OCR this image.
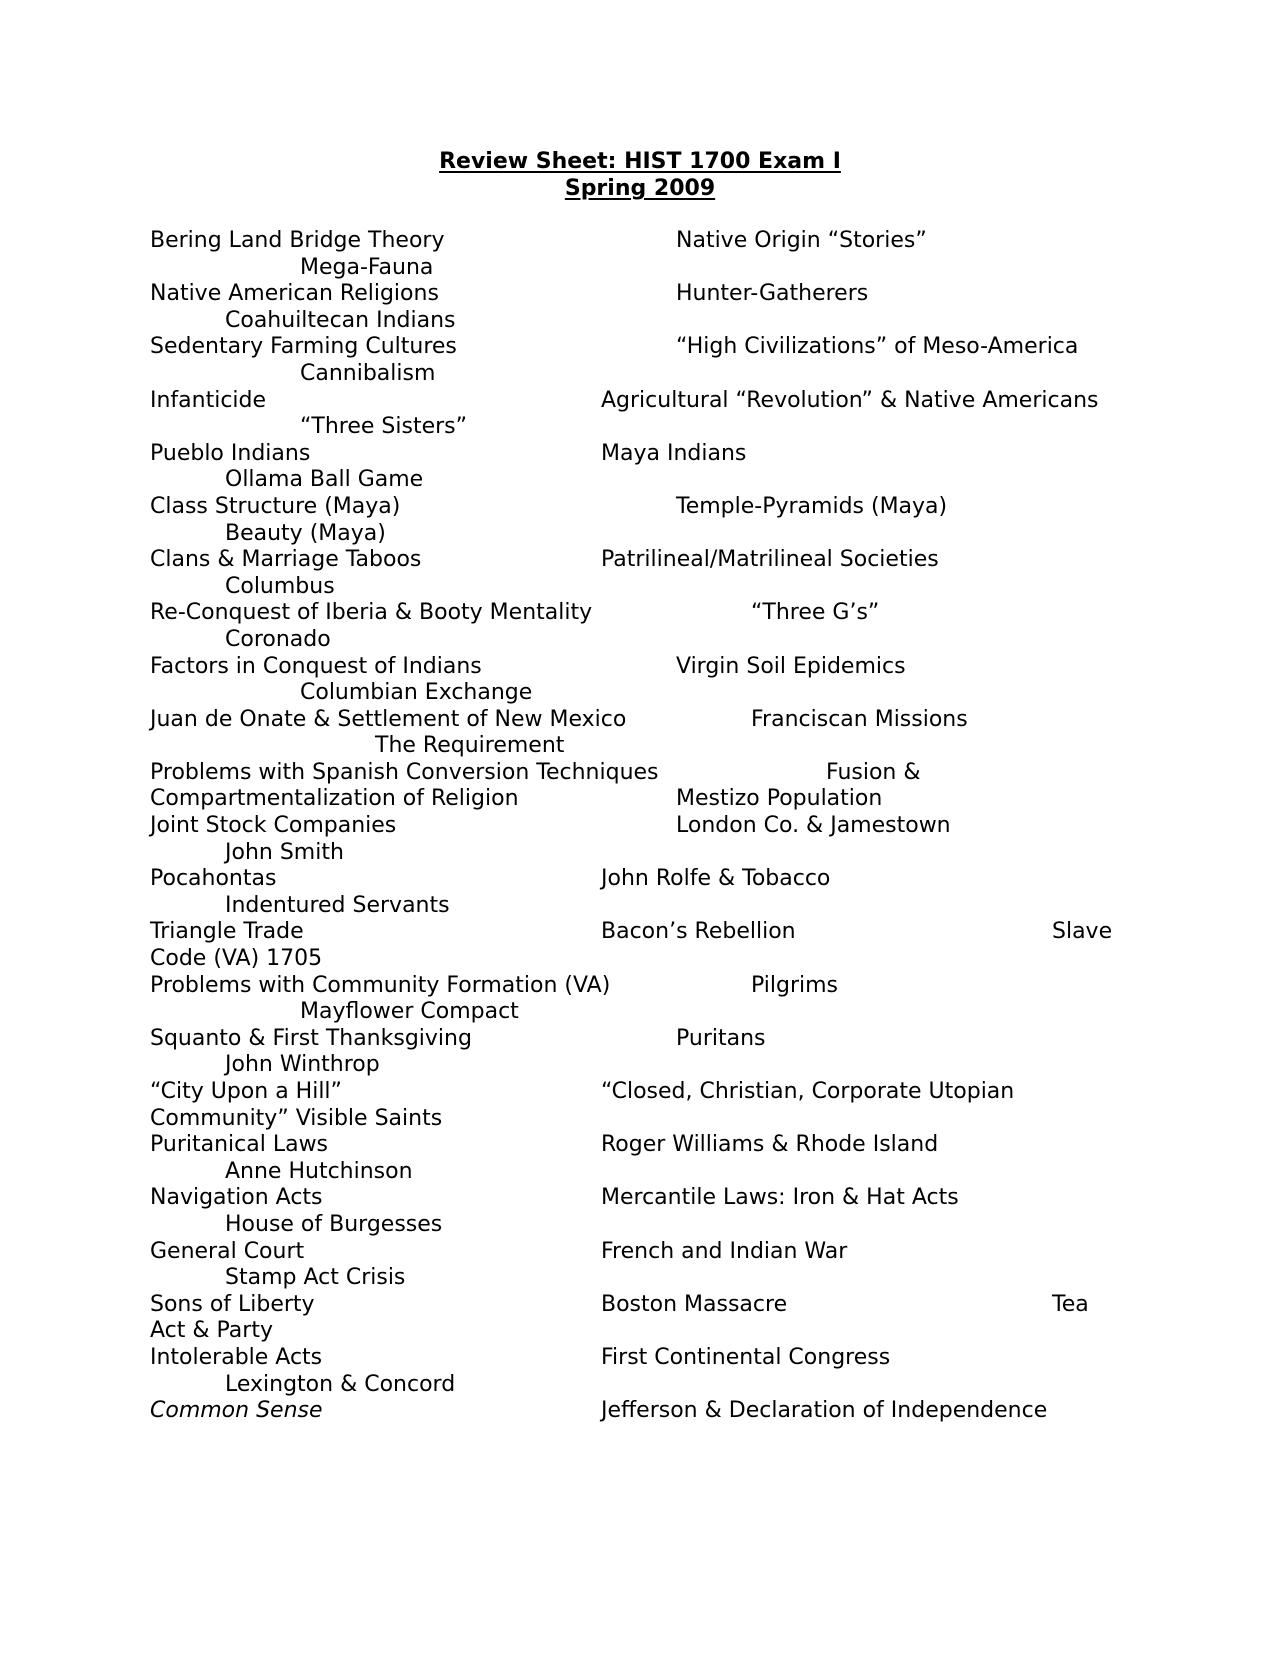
Review Sheet: HIST 1700 Exam I
Spring 2009
Bering Land Bridge Theory	Native Origin “Stories”
Mega-Fauna
Native American Religions	Hunter-Gatherers
Coahuiltecan Indians
Sedentary Farming Cultures	“High Civilizations” of Meso-America
Cannibalism
Infanticide	Agricultural “Revolution” & Native Americans
“Three Sisters”
Pueblo Indians	Maya Indians
Ollama Ball Game
Class Structure (Maya)	Temple-Pyramids (Maya)
Beauty (Maya)
Clans & Marriage Taboos	Patrilineal/Matrilineal Societies
Columbus
Re-Conquest of Iberia & Booty Mentality	“Three G’s”
Coronado
Factors in Conquest of Indians	Virgin Soil Epidemics
Columbian Exchange
Juan de Onate & Settlement of New Mexico	Franciscan Missions
The Requirement
Problems with Spanish Conversion Techniques	Fusion &
Compartmentalization of Religion	Mestizo Population
Joint Stock Companies	London Co. & Jamestown
John Smith
Pocahontas	John Rolfe & Tobacco
Indentured Servants
Triangle Trade	Bacon’s Rebellion	Slave
Code (VA) 1705
Problems with Community Formation (VA)	Pilgrims
Mayflower Compact
Squanto & First Thanksgiving	Puritans
John Winthrop
“City Upon a Hill”	“Closed, Christian, Corporate Utopian
Community” Visible Saints
Puritanical Laws	Roger Williams & Rhode Island
Anne Hutchinson
Navigation Acts	Mercantile Laws: Iron & Hat Acts
House of Burgesses
General Court	French and Indian War
Stamp Act Crisis
Sons of Liberty	Boston Massacre	Tea
Act & Party
Intolerable Acts	First Continental Congress
Lexington & Concord
Common Sense	Jefferson & Declaration of Independence
